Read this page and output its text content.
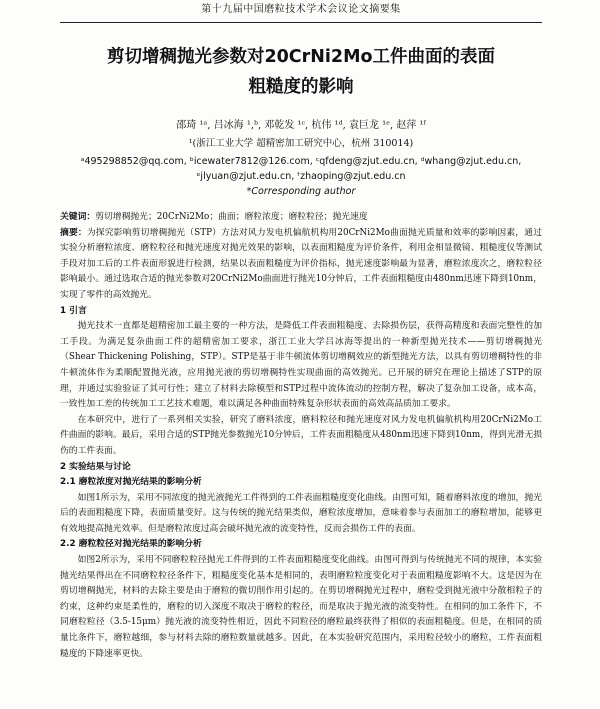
第十九届中国磨粒技术学术会议论文摘要集
剪切增稠抛光参数对20CrNi2Mo工件曲面的表面
粗糙度的影响
邵琦 ¹ᵃ, 吕冰海 ¹,ᵇ, 邓乾发 ¹ᶜ, 杭伟 ¹ᵈ, 袁巨龙 ¹ᵉ, 赵萍 ¹ᶠ
¹(浙江工业大学 超精密加工研究中心，杭州 310014)
ᵃ495298852@qq.com, ᵇicewater7812@126.com, ᶜqfdeng@zjut.edu.cn, ᵈwhang@zjut.edu.cn,
ᵉjlyuan@zjut.edu.cn, ᶠzhaoping@zjut.edu.cn
*Corresponding author

关键词：剪切增稠抛光；20CrNi2Mo；曲面；磨粒浓度；磨粒粒径；抛光速度

摘要：为探究影响剪切增稠抛光（STP）方法对风力发电机偏航机构用20CrNi2Mo曲面抛光质量和效率的影响因素，通过实验分析磨粒浓度、磨粒粒径和抛光速度对抛光效果的影响，以表面粗糙度为评价条件，利用金相显微镜、粗糙度仪等测试手段对加工后的工件表面形貌进行检测，结果以表面粗糙度为评价指标，抛光速度影响最为显著，磨粒浓度次之，磨粒粒径影响最小。通过选取合适的抛光参数对20CrNi2Mo曲面进行抛光10分钟后，工件表面粗糙度由480nm迅速下降到10nm，实现了零件的高效抛光。

1 引言

抛光技术一直都是超精密加工最主要的一种方法，是降低工件表面粗糙度、去除损伤层，获得高精度和表面完整性的加工手段。为满足复杂曲面工件的超精密加工要求，浙江工业大学吕冰海等提出的一种新型抛光技术——剪切增稠抛光（Shear Thickening Polishing，STP）。STP是基于非牛顿流体剪切增稠效应的新型抛光方法，以具有剪切增稠特性的非牛顿流体作为柔顺配置抛光液，应用抛光液的剪切增稠特性实现曲面的高效抛光。已开展的研究在理论上描述了STP的原理，并通过实验验证了其可行性；建立了材料去除模型和STP过程中流体流动的控制方程，解决了复杂加工设备，成本高，一致性加工差的传统加工工艺技术难题，难以满足各种曲面特殊复杂形状表面的高效高品质加工要求。

在本研究中，进行了一系列相关实验，研究了磨料浓度，磨料粒径和抛光速度对风力发电机偏航机构用20CrNi2Mo工件曲面的影响。最后，采用合适的STP抛光参数抛光10分钟后，工件表面粗糙度从480nm迅速下降到10nm，得到光滑无损伤的工件表面。

2 实验结果与讨论

2.1 磨粒浓度对抛光结果的影响分析

如图1所示为，采用不同浓度的抛光液抛光工件得到的工件表面粗糙度变化曲线。由图可知，随着磨料浓度的增加，抛光后的表面粗糙度下降，表面质量变好。这与传统的抛光结果类似，磨粒浓度增加，意味着参与表面加工的磨粒增加，能够更有效地提高抛光效率。但是磨粒浓度过高会破坏抛光液的流变特性，反而会损伤工件的表面。

2.2 磨粒粒径对抛光结果的影响分析

如图2所示为，采用不同磨粒粒径抛光工件得到的工件表面粗糙度变化曲线。由图可得到与传统抛光不同的规律，本实验抛光结果得出在不同磨粒粒径条件下，粗糙度变化基本是相同的，表明磨粒粒度变化对于表面粗糙度影响不大。这是因为在剪切增稠抛光，材料的去除主要是由于磨粒的微切削作用引起的。在剪切增稠抛光过程中，磨粒受到抛光液中分散相粒子的约束，这种约束是柔性的，磨粒的切入深度不取决于磨粒的粒径，而是取决于抛光液的流变特性。在相同的加工条件下，不同磨粒粒径（3.5-15μm）抛光液的流变特性相近，因此不同粒径的磨粒最终获得了相似的表面粗糙度。但是，在相同的质量比条件下，磨粒越细，参与材料去除的磨粒数量就越多。因此，在本实验研究范围内，采用粒径较小的磨粒，工件表面粗糙度的下降速率更快。
